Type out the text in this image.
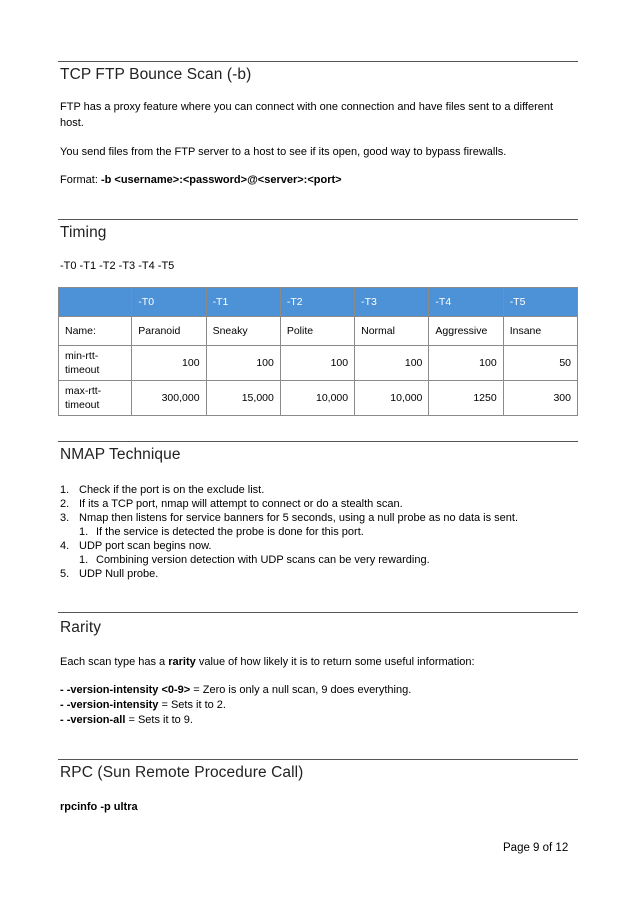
TCP FTP Bounce Scan (-b)
FTP has a proxy feature where you can connect with one connection and have files sent to a different host.
You send files from the FTP server to a host to see if its open, good way to bypass firewalls.
Format: -b <username>:<password>@<server>:<port>
Timing
-T0 -T1 -T2 -T3 -T4 -T5
	-T0	-T1	-T2	-T3	-T4	-T5
Name:	Paranoid	Sneaky	Polite	Normal	Aggressive	Insane
min-rtt-timeout	100	100	100	100	100	50
max-rtt-timeout	300,000	15,000	10,000	10,000	1250	300
NMAP Technique
1. Check if the port is on the exclude list.
2. If its a TCP port, nmap will attempt to connect or do a stealth scan.
3. Nmap then listens for service banners for 5 seconds, using a null probe as no data is sent.
1. If the service is detected the probe is done for this port.
4. UDP port scan begins now.
1. Combining version detection with UDP scans can be very rewarding.
5. UDP Null probe.
Rarity
Each scan type has a rarity value of how likely it is to return some useful information:
- -version-intensity <0-9> = Zero is only a null scan, 9 does everything.
- -version-intensity = Sets it to 2.
- -version-all = Sets it to 9.
RPC (Sun Remote Procedure Call)
rpcinfo -p ultra
Page 9 of 12
